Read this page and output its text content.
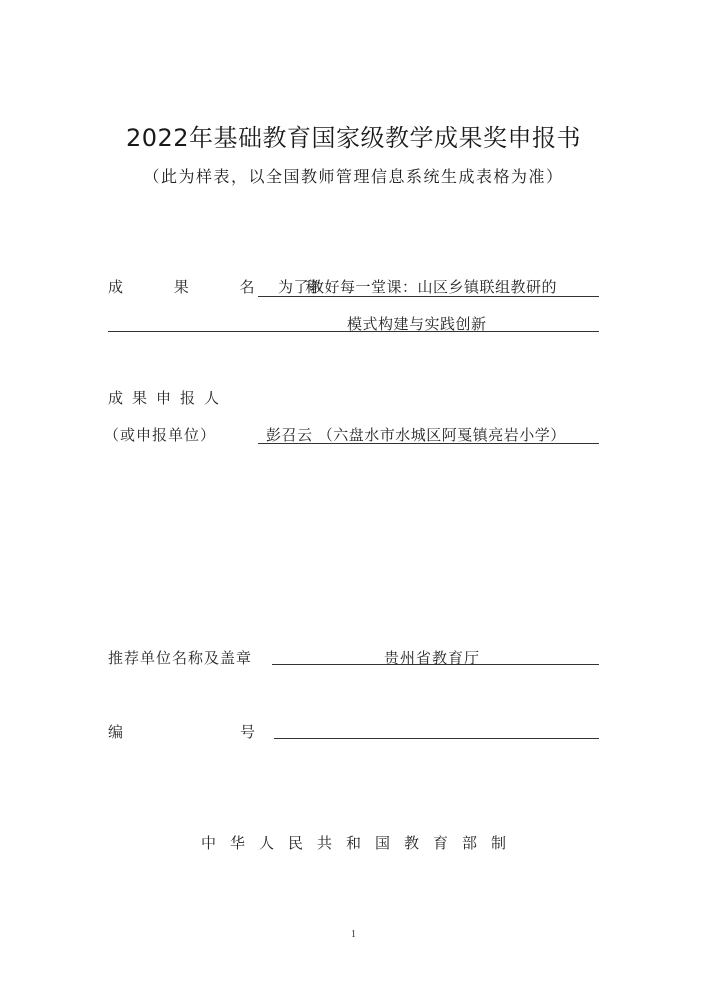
2022年基础教育国家级教学成果奖申报书
（此为样表，以全国教师管理信息系统生成表格为准）
成 果 名 称
为了教好每一堂课：山区乡镇联组教研的
模式构建与实践创新
成果申报人
（或申报单位）	彭召云 （六盘水市水城区阿戛镇亮岩小学）
推荐单位名称及盖章	贵州省教育厅
编	号
中华人民共和国教育部制
1
